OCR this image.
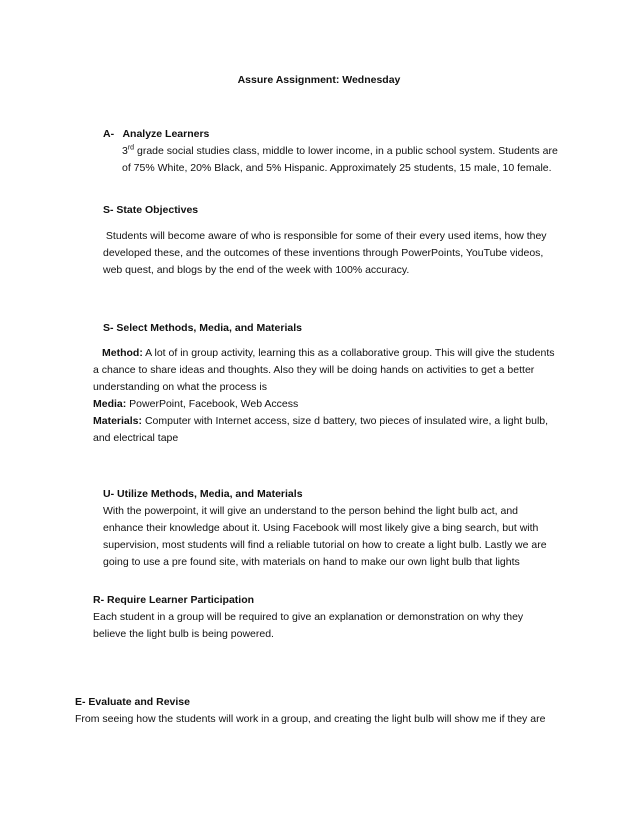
Assure Assignment: Wednesday
A-   Analyze Learners

3rd grade social studies class, middle to lower income, in a public school system. Students are

of 75% White, 20% Black, and 5% Hispanic. Approximately 25 students, 15 male, 10 female.

S- State Objectives

Students will become aware of who is responsible for some of their every used items, how they

developed these, and the outcomes of these inventions through PowerPoints, YouTube videos,

web quest, and blogs by the end of the week with 100% accuracy.

S- Select Methods, Media, and Materials

Method: A lot of in group activity, learning this as a collaborative group. This will give the students

a chance to share ideas and thoughts. Also they will be doing hands on activities to get a better

understanding on what the process is

Media: PowerPoint, Facebook, Web Access

Materials: Computer with Internet access, size d battery, two pieces of insulated wire, a light bulb,

and electrical tape

U- Utilize Methods, Media, and Materials

With the powerpoint, it will give an understand to the person behind the light bulb act, and

enhance their knowledge about it. Using Facebook will most likely give a bing search, but with

supervision, most students will find a reliable tutorial on how to create a light bulb. Lastly we are

going to use a pre found site, with materials on hand to make our own light bulb that lights

R- Require Learner Participation

Each student in a group will be required to give an explanation or demonstration on why they

believe the light bulb is being powered.

E- Evaluate and Revise

From seeing how the students will work in a group, and creating the light bulb will show me if they are
